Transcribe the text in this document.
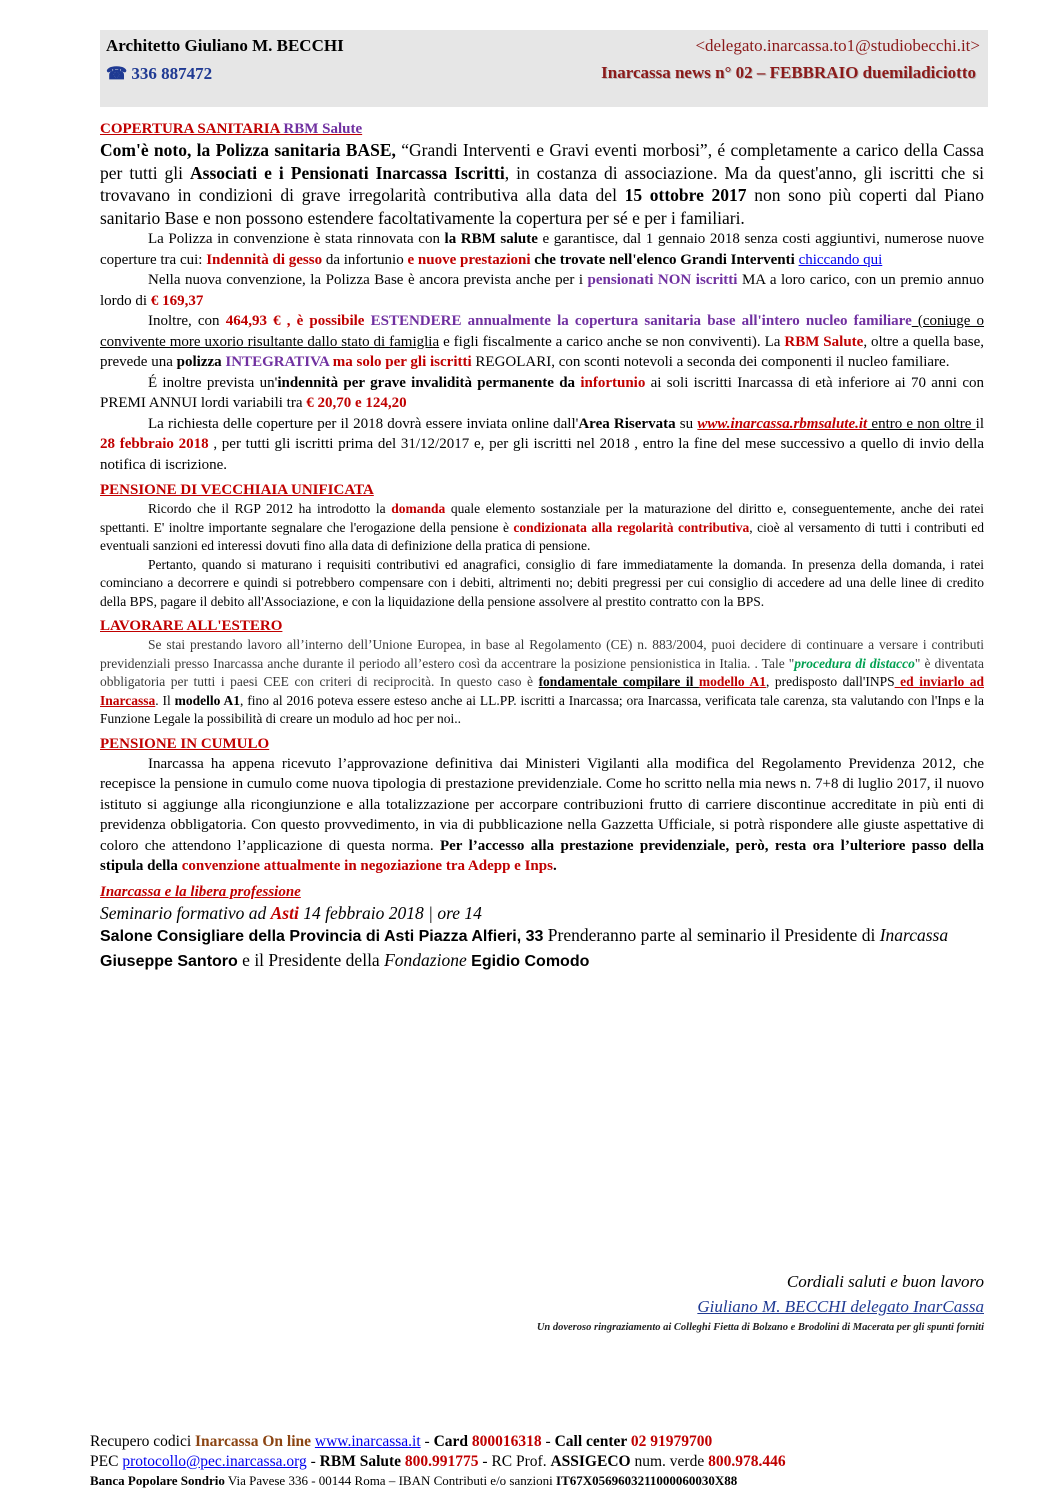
Architetto Giuliano M. BECCHI
☎ 336 887472
<delegato.inarcassa.to1@studiobecchi.it>
Inarcassa news n° 02 – FEBBRAIO duemiladiciotto

COPERTURA SANITARIA RBM Salute

Com'è noto, la Polizza sanitaria BASE, “Grandi Interventi e Gravi eventi morbosi”, é completamente a carico della Cassa per tutti gli Associati e i Pensionati Inarcassa Iscritti, in costanza di associazione. Ma da quest'anno, gli iscritti che si trovavano in condizioni di grave irregolarità contributiva alla data del 15 ottobre 2017 non sono più coperti dal Piano sanitario Base e non possono estendere facoltativamente la copertura per sé e per i familiari.

La Polizza in convenzione è stata rinnovata con la RBM salute e garantisce, dal 1 gennaio 2018 senza costi aggiuntivi, numerose nuove coperture tra cui: Indennità di gesso da infortunio e nuove prestazioni che trovate nell'elenco Grandi Interventi chiccando qui

Nella nuova convenzione, la Polizza Base è ancora prevista anche per i pensionati NON iscritti MA a loro carico, con un premio annuo lordo di € 169,37

Inoltre, con 464,93 € , è possibile ESTENDERE annualmente la copertura sanitaria base all'intero nucleo familiare (coniuge o convivente more uxorio risultante dallo stato di famiglia e figli fiscalmente a carico anche se non conviventi). La RBM Salute, oltre a quella base, prevede una polizza INTEGRATIVA ma solo per gli iscritti REGOLARI, con sconti notevoli a seconda dei componenti il nucleo familiare.

É inoltre prevista un'indennità per grave invalidità permanente da infortunio ai soli iscritti Inarcassa di età inferiore ai 70 anni con PREMI ANNUI lordi variabili tra € 20,70 e 124,20

La richiesta delle coperture per il 2018 dovrà essere inviata online dall'Area Riservata su www.inarcassa.rbmsalute.it entro e non oltre il 28 febbraio 2018 , per tutti gli iscritti prima del 31/12/2017 e, per gli iscritti nel 2018 , entro la fine del mese successivo a quello di invio della notifica di iscrizione.

PENSIONE DI VECCHIAIA UNIFICATA

Ricordo che il RGP 2012 ha introdotto la domanda quale elemento sostanziale per la maturazione del diritto e, conseguentemente, anche dei ratei spettanti. E' inoltre importante segnalare che l'erogazione della pensione è condizionata alla regolarità contributiva, cioè al versamento di tutti i contributi ed eventuali sanzioni ed interessi dovuti fino alla data di definizione della pratica di pensione.

Pertanto, quando si maturano i requisiti contributivi ed anagrafici, consiglio di fare immediatamente la domanda. In presenza della domanda, i ratei cominciano a decorrere e quindi si potrebbero compensare con i debiti, altrimenti no; debiti pregressi per cui consiglio di accedere ad una delle linee di credito della BPS, pagare il debito all'Associazione, e con la liquidazione della pensione assolvere al prestito contratto con la BPS.

LAVORARE ALL'ESTERO

Se stai prestando lavoro all’interno dell’Unione Europea, in base al Regolamento (CE) n. 883/2004, puoi decidere di continuare a versare i contributi previdenziali presso Inarcassa anche durante il periodo all’estero così da accentrare la posizione pensionistica in Italia. . Tale "procedura di distacco" è diventata obbligatoria per tutti i paesi CEE con criteri di reciprocità. In questo caso è fondamentale compilare il modello A1, predisposto dall'INPS ed inviarlo ad Inarcassa. Il modello A1, fino al 2016 poteva essere esteso anche ai LL.PP. iscritti a Inarcassa; ora Inarcassa, verificata tale carenza, sta valutando con l'Inps e la Funzione Legale la possibilità di creare un modulo ad hoc per noi..

PENSIONE IN CUMULO

Inarcassa ha appena ricevuto l’approvazione definitiva dai Ministeri Vigilanti alla modifica del Regolamento Previdenza 2012, che recepisce la pensione in cumulo come nuova tipologia di prestazione previdenziale. Come ho scritto nella mia news n. 7+8 di luglio 2017, il nuovo istituto si aggiunge alla ricongiunzione e alla totalizzazione per accorpare contribuzioni frutto di carriere discontinue accreditate in più enti di previdenza obbligatoria. Con questo provvedimento, in via di pubblicazione nella Gazzetta Ufficiale, si potrà rispondere alle giuste aspettative di coloro che attendono l’applicazione di questa norma. Per l’accesso alla prestazione previdenziale, però, resta ora l’ulteriore passo della stipula della convenzione attualmente in negoziazione tra Adepp e Inps.

Inarcassa e la libera professione

Seminario formativo ad Asti 14 febbraio 2018 | ore 14

Salone Consigliare della Provincia di Asti Piazza Alfieri, 33 Prenderanno parte al seminario il Presidente di Inarcassa Giuseppe Santoro e il Presidente della Fondazione Egidio Comodo

Cordiali saluti e buon lavoro
Giuliano M. BECCHI delegato InarCassa
Un doveroso ringraziamento ai Colleghi Fietta di Bolzano e Brodolini di Macerata per gli spunti forniti

Recupero codici Inarcassa On line www.inarcassa.it - Card 800016318 - Call center 02 91979700

PEC protocollo@pec.inarcassa.org - RBM Salute 800.991775 - RC Prof. ASSIGECO num. verde 800.978.446

Banca Popolare Sondrio Via Pavese 336 - 00144 Roma – IBAN Contributi e/o sanzioni IT67X0569603211000060030X88
